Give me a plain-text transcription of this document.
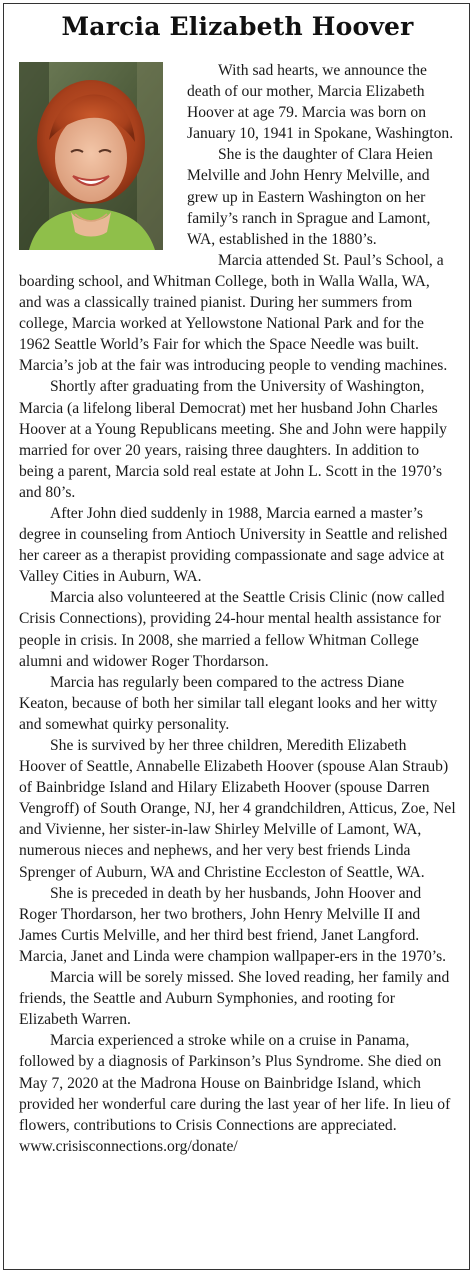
Marcia Elizabeth Hoover

With sad hearts, we announce the death of our mother, Marcia Elizabeth Hoover at age 79. Marcia was born on January 10, 1941 in Spokane, Washington.

She is the daughter of Clara Heien Melville and John Henry Melville, and grew up in Eastern Washington on her family’s ranch in Sprague and Lamont, WA, established in the 1880’s.

Marcia attended St. Paul’s School, a boarding school, and Whitman College, both in Walla Walla, WA, and was a classically trained pianist. During her summers from college, Marcia worked at Yellowstone National Park and for the 1962 Seattle World’s Fair for which the Space Needle was built. Marcia’s job at the fair was introducing people to vending machines.

Shortly after graduating from the University of Washington, Marcia (a lifelong liberal Democrat) met her husband John Charles Hoover at a Young Republicans meeting. She and John were happily married for over 20 years, raising three daughters. In addition to being a parent, Marcia sold real estate at John L. Scott in the 1970’s and 80’s.

After John died suddenly in 1988, Marcia earned a master’s degree in counseling from Antioch University in Seattle and relished her career as a therapist providing compassionate and sage advice at Valley Cities in Auburn, WA.

Marcia also volunteered at the Seattle Crisis Clinic (now called Crisis Connections), providing 24-hour mental health assistance for people in crisis. In 2008, she married a fellow Whitman College alumni and widower Roger Thordarson.

Marcia has regularly been compared to the actress Diane Keaton, because of both her similar tall elegant looks and her witty and somewhat quirky personality.

She is survived by her three children, Meredith Elizabeth Hoover of Seattle, Annabelle Elizabeth Hoover (spouse Alan Straub) of Bainbridge Island and Hilary Elizabeth Hoover (spouse Darren Vengroff) of South Orange, NJ, her 4 grandchildren, Atticus, Zoe, Nel and Vivienne, her sister-in-law Shirley Melville of Lamont, WA, numerous nieces and nephews, and her very best friends Linda Sprenger of Auburn, WA and Christine Eccleston of Seattle, WA.

She is preceded in death by her husbands, John Hoover and Roger Thordarson, her two brothers, John Henry Melville II and James Curtis Melville, and her third best friend, Janet Langford. Marcia, Janet and Linda were champion wallpaper-ers in the 1970’s.

Marcia will be sorely missed. She loved reading, her family and friends, the Seattle and Auburn Symphonies, and rooting for Elizabeth Warren.

Marcia experienced a stroke while on a cruise in Panama, followed by a diagnosis of Parkinson’s Plus Syndrome. She died on May 7, 2020 at the Madrona House on Bainbridge Island, which provided her wonderful care during the last year of her life. In lieu of flowers, contributions to Crisis Connections are appreciated. www.crisisconnections.org/donate/
